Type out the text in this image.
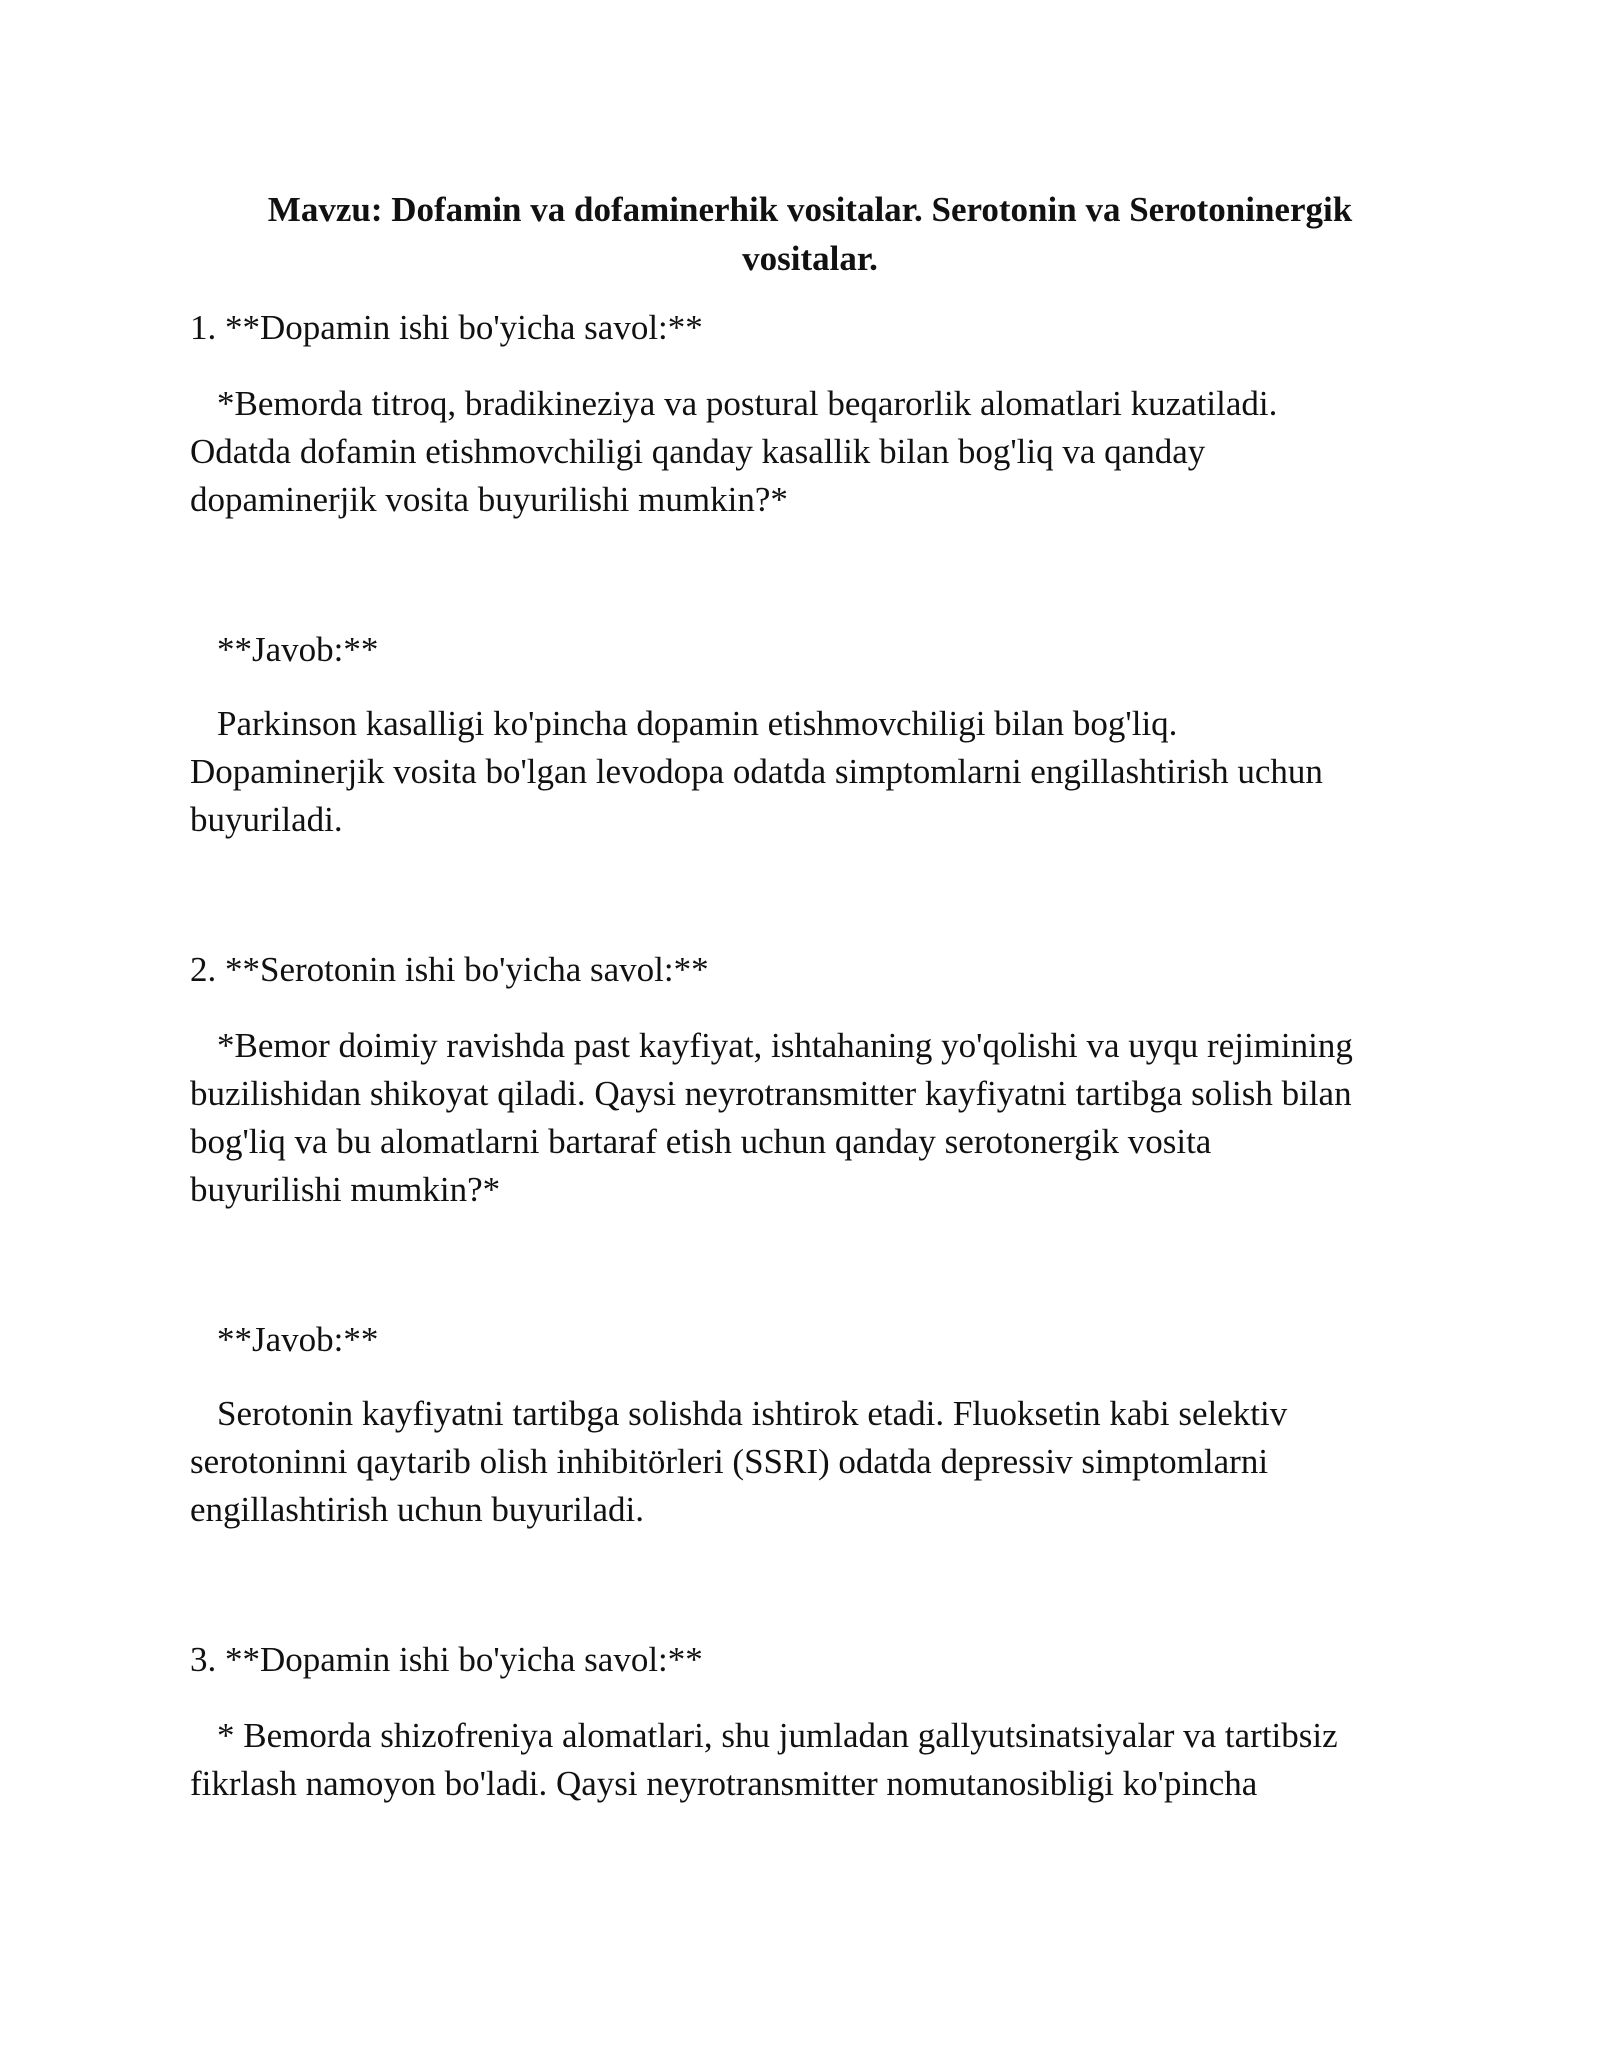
Mavzu: Dofamin va dofaminerhik vositalar. Serotonin va Serotoninergik
vositalar.
1. **Dopamin ishi bo'yicha savol:**
*Bemorda titroq, bradikineziya va postural beqarorlik alomatlari kuzatiladi.
Odatda dofamin etishmovchiligi qanday kasallik bilan bog'liq va qanday
dopaminerjik vosita buyurilishi mumkin?*
**Javob:**
Parkinson kasalligi ko'pincha dopamin etishmovchiligi bilan bog'liq.
Dopaminerjik vosita bo'lgan levodopa odatda simptomlarni engillashtirish uchun
buyuriladi.
2. **Serotonin ishi bo'yicha savol:**
*Bemor doimiy ravishda past kayfiyat, ishtahaning yo'qolishi va uyqu rejimining
buzilishidan shikoyat qiladi. Qaysi neyrotransmitter kayfiyatni tartibga solish bilan
bog'liq va bu alomatlarni bartaraf etish uchun qanday serotonergik vosita
buyurilishi mumkin?*
**Javob:**
Serotonin kayfiyatni tartibga solishda ishtirok etadi. Fluoksetin kabi selektiv
serotoninni qaytarib olish inhibitörleri (SSRI) odatda depressiv simptomlarni
engillashtirish uchun buyuriladi.
3. **Dopamin ishi bo'yicha savol:**
* Bemorda shizofreniya alomatlari, shu jumladan gallyutsinatsiyalar va tartibsiz
fikrlash namoyon bo'ladi. Qaysi neyrotransmitter nomutanosibligi ko'pincha
